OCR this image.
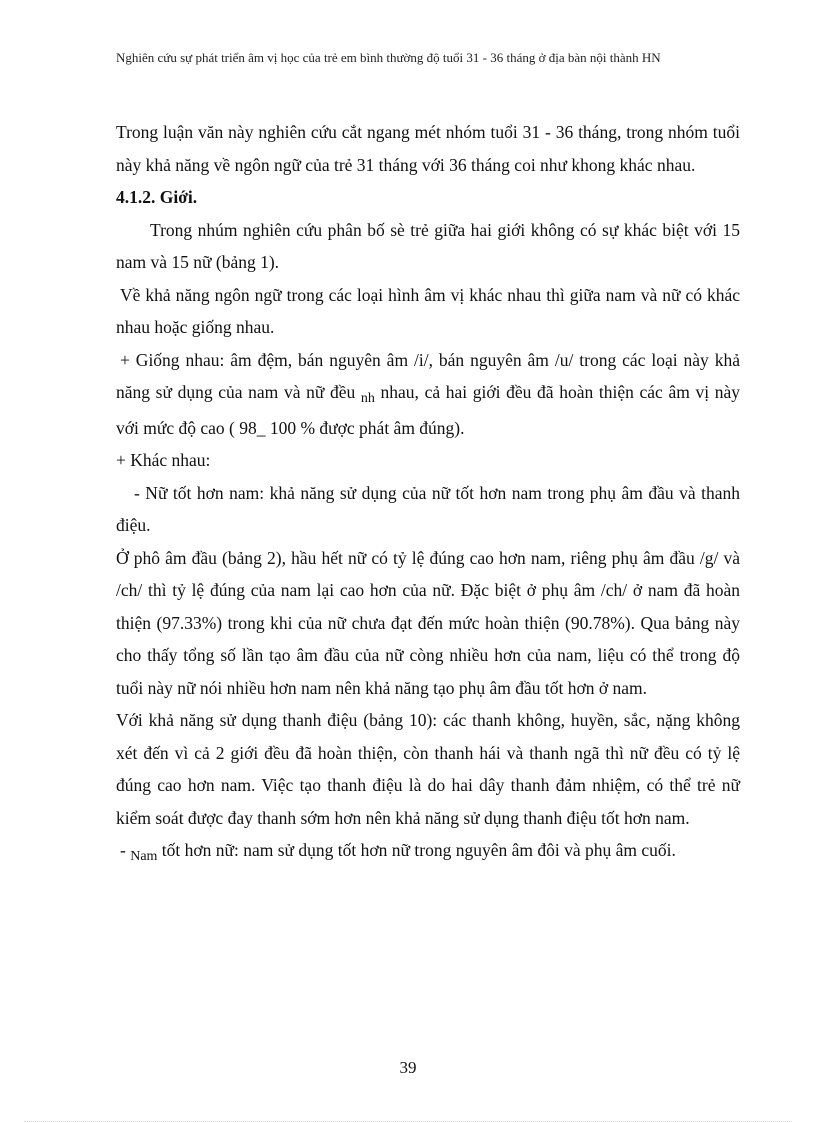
Nghiên cứu sự phát triển âm vị học của trẻ em bình thường độ tuổi 31 - 36 tháng ở địa bàn nội thành HN

Trong luận văn này nghiên cứu cắt ngang mét nhóm tuổi 31 - 36 tháng, trong nhóm tuổi này khả năng về ngôn ngữ của trẻ 31 tháng với 36 tháng coi như khong khác nhau.

4.1.2. Giới.

Trong nhúm nghiên cứu phân bố sè trẻ giữa hai giới không có sự khác biệt với 15 nam và 15 nữ (bảng 1).

Về khả năng ngôn ngữ trong các loại hình âm vị khác nhau thì giữa nam và nữ có khác nhau hoặc giống nhau.

+ Giống nhau: âm đệm, bán nguyên âm /i/, bán nguyên âm /u/ trong các loại này khả năng sử dụng của nam và nữ đều $_{nh}$ nhau, cả hai giới đều đã hoàn thiện các âm vị này với mức độ cao ( 98_ 100 % được phát âm đúng).

+ Khác nhau:

- Nữ tốt hơn nam: khả năng sử dụng của nữ tốt hơn nam trong phụ âm đầu và thanh điệu.

Ở phô âm đầu (bảng 2), hầu hết nữ có tỷ lệ đúng cao hơn nam, riêng phụ âm đầu /g/ và /ch/ thì tỷ lệ đúng của nam lại cao hơn của nữ. Đặc biệt ở phụ âm /ch/ ở nam đã hoàn thiện (97.33%) trong khi của nữ chưa đạt đến mức hoàn thiện (90.78%). Qua bảng này cho thấy tổng số lần tạo âm đầu của nữ còng nhiều hơn của nam, liệu có thể trong độ tuổi này nữ nói nhiều hơn nam nên khả năng tạo phụ âm đầu tốt hơn ở nam.

Với khả năng sử dụng thanh điệu (bảng 10): các thanh không, huyền, sắc, nặng không xét đến vì cả 2 giới đều đã hoàn thiện, còn thanh hái và thanh ngã thì nữ đều có tỷ lệ đúng cao hơn nam. Việc tạo thanh điệu là do hai dây thanh đảm nhiệm, có thể trẻ nữ kiểm soát được đay thanh sớm hơn nên khả năng sử dụng thanh điệu tốt hơn nam.

- $_{Nam}$ tốt hơn nữ: nam sử dụng tốt hơn nữ trong nguyên âm đôi và phụ âm cuối.

39
